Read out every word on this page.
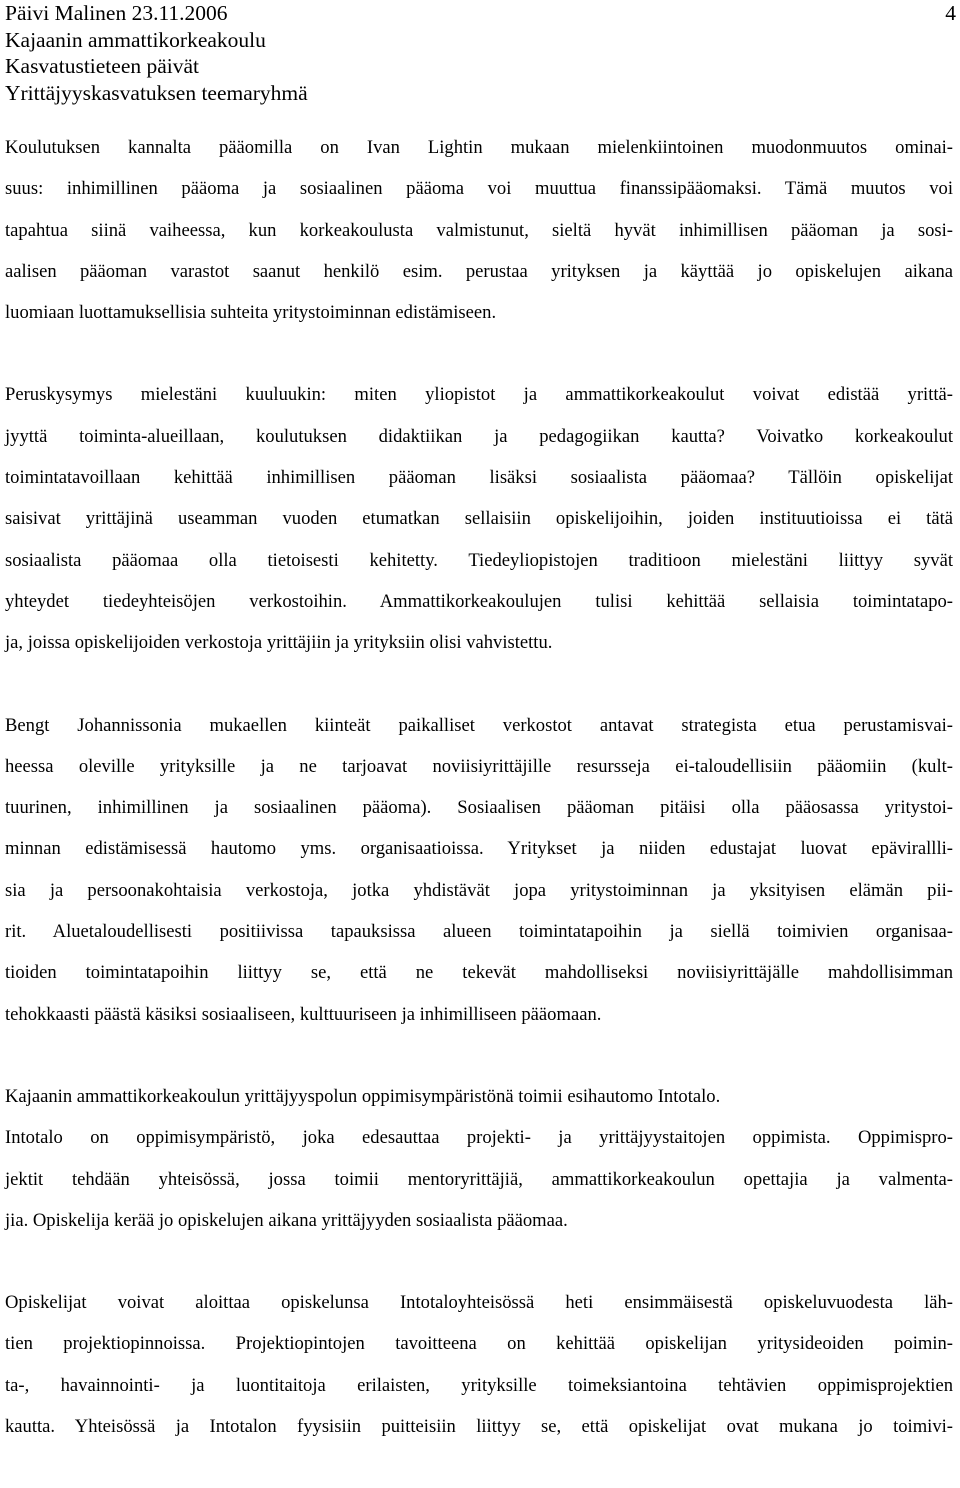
Päivi Malinen 23.11.2006
Kajaanin ammattikorkeakoulu
Kasvatustieteen päivät
Yrittäjyyskasvatuksen teemaryhmä
4

Koulutuksen kannalta pääomilla on Ivan Lightin mukaan mielenkiintoinen muodonmuutos ominai-
suus: inhimillinen pääoma ja sosiaalinen pääoma voi muuttua finanssipääomaksi. Tämä muutos voi
tapahtua siinä vaiheessa, kun korkeakoulusta valmistunut, sieltä hyvät inhimillisen pääoman ja sosi-
aalisen pääoman varastot saanut henkilö esim. perustaa yrityksen ja käyttää jo opiskelujen aikana
luomiaan luottamuksellisia suhteita yritystoiminnan edistämiseen.

Peruskysymys mielestäni kuuluukin: miten yliopistot ja ammattikorkeakoulut voivat edistää yrittä-
jyyttä toiminta-alueillaan, koulutuksen didaktiikan ja pedagogiikan kautta? Voivatko korkeakoulut
toimintatavoillaan kehittää inhimillisen pääoman lisäksi sosiaalista pääomaa? Tällöin opiskelijat
saisivat yrittäjinä useamman vuoden etumatkan sellaisiin opiskelijoihin, joiden instituutioissa ei tätä
sosiaalista pääomaa olla tietoisesti kehitetty. Tiedeyliopistojen traditioon mielestäni liittyy syvät
yhteydet tiedeyhteisöjen verkostoihin. Ammattikorkeakoulujen tulisi kehittää sellaisia toimintatapo-
ja, joissa opiskelijoiden verkostoja yrittäjiin ja yrityksiin olisi vahvistettu.

Bengt Johannissonia mukaellen kiinteät paikalliset verkostot antavat strategista etua perustamisvai-
heessa oleville yrityksille ja ne tarjoavat noviisiyrittäjille resursseja ei-taloudellisiin pääomiin (kult-
tuurinen, inhimillinen ja sosiaalinen pääoma). Sosiaalisen pääoman pitäisi olla pääosassa yritystoi-
minnan edistämisessä hautomo yms. organisaatioissa. Yritykset ja niiden edustajat luovat epävirallli-
sia ja persoonakohtaisia verkostoja, jotka yhdistävät jopa yritystoiminnan ja yksityisen elämän pii-
rit. Aluetaloudellisesti positiivissa tapauksissa alueen toimintatapoihin ja siellä toimivien organisaa-
tioiden toimintatapoihin liittyy se, että ne tekevät mahdolliseksi noviisiyrittäjälle mahdollisimman
tehokkaasti päästä käsiksi sosiaaliseen, kulttuuriseen ja inhimilliseen pääomaan.

Kajaanin ammattikorkeakoulun yrittäjyyspolun oppimisympäristönä toimii esihautomo Intotalo.
Intotalo on oppimisympäristö, joka edesauttaa projekti- ja yrittäjyystaitojen oppimista. Oppimispro-
jektit tehdään yhteisössä, jossa toimii mentoryrittäjiä, ammattikorkeakoulun opettajia ja valmenta-
jia. Opiskelija kerää jo opiskelujen aikana yrittäjyyden sosiaalista pääomaa.

Opiskelijat voivat aloittaa opiskelunsa Intotaloyhteisössä heti ensimmäisestä opiskeluvuodesta läh-
tien projektiopinnoissa. Projektiopintojen tavoitteena on kehittää opiskelijan yritysideoiden poimin-
ta-, havainnointi- ja luontitaitoja erilaisten, yrityksille toimeksiantoina tehtävien oppimisprojektien
kautta. Yhteisössä ja Intotalon fyysisiin puitteisiin liittyy se, että opiskelijat ovat mukana jo toimivi-
